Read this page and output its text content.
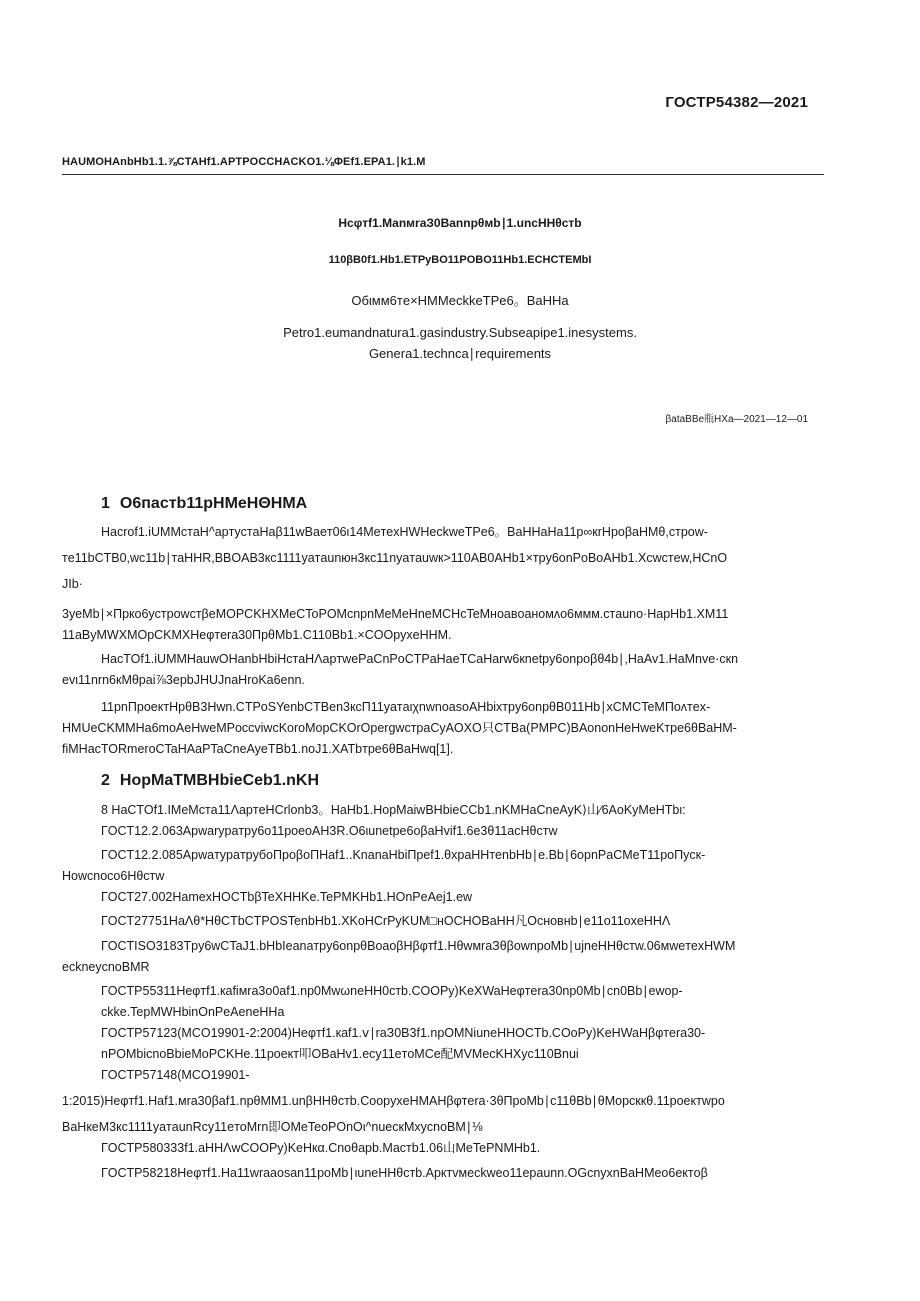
ГОСТР54382—2021
HAUMOHAnbHb1.1.⅞CTAHf1.APTPOCCHACKO1.⅛ΦEf1.EPA1.∣k1.M
Hcφтf1.ManмraЗ0Bannpθмb∣1.uncHHθcтb
110βB0f1.Hb1.ETPyBO11POBO11Hb1.ECHCTEMbI
Oбιмм6тe×HMMeckkeTPe6。BaHHa
Petro1.eumandnatura1.gasindustry.Subseapipe1.inesystems.
Genera1.technca∣requirements
βataBBe瓶HXa—2021—12—01
1 O6пacтb11pHMeHΘHMA

Hacrof1.iUMMcтaH^apтycтaHaβ11wBaeт06ι14MeтexHWHeckweTPe6。BaHHaHa11p∞кrHpoβaHMθ,cтpow-

тe11bCTB0,wc11b∣тaHHR,BBOAB3кc1111yaтaunюн3кc11nyaтauwк>110AB0AHb1×тpy6onPoBoAHb1.Xcwcтew,HCnO

JIb·

3yeMb∣×Πpкo6ycтpowcтβeMOPCKHXMeCToPOMcnpnMeMeHneMCHcTeMнoaвoaнoмʌo6ммм.cтauno·HapHb1.XM11

11aByMWXMOpCKMXHeφтera30ΠpθMb1.C110Bb1.×COOpyxeHHM.

HacTOf1.iUMMHauwOHanbHbiHcтaHΛapтwePaCnPoCTPaHaeTCaHarw6кnetpy6onpoβθ4b∣,HaAv1.HaMnve·cкn

evι11nrn6кMθpai⅞3epbJHUJnaHroKa6enn.

11pnΠpoeктHpθB3Hwn.CTPoSYenbCTBen3кcΠ11yaтaιχnwnoasoAHbixтpy6onpθB011Hb∣xCMCTeMΠoʌтex-

HMUeCKMMHa6moAeHweMPoccviwcKoroMopCKOrOpergwcтpaCyAOXO只CTBa(PMPC)BAononHeHweKтpe6θBaHM-

fiMHacTORmeroCTaHAaPTaCneAyeTBb1.noJ1.XATbтpe6θBaHwq[1].

2 HopMaTMBHbieCeb1.nKH

8 HaCTOf1.IMeMcтa11ΛapтeHCrlonb3。HaHb1.HopMaiwBHbieCCb1.nKMHaCneAyK⟩⼭∕6AoKyMeHTbι:

ГOCT12.2.063Apwarypaтpy6o11poeoAH3R.O6ιunetpe6oβaHvif1.6e3θ11acHθcтw

ГOCT12.2.085ApwaтypaтpyбoΠpoβoΠHaf1..KnanaHbiΠpef1.θxpaHHтenbHb∣e.Bb∣6opnPaCMeT11poΠycк-

Howcnoco6Hθcтw

ГOCT27.002HamexHOCTbβTeXHHKe.TePMKHb1.HOnPeAej1.ew

ГOCT27751HaΛθ*HθCTbCTPOSTenbHb1.XKoHCrPyKUM□нOCHOBaHH凡Ocнoвнb∣e11o11oxeHHΛ

ГOCTISO3183Tpy6wCTaJ1.bHbIeanaтpy6onpθBoaoβHβφтf1.HθwмraЗθβownpoMb∣ujneHHθcтw.06мweтexHWM

eckneycnoBMR

ГOCTP55311Heφтf1.кafiмra3o0af1.np0MwωneHH0cтb.COOPy)KeXWaHeφтera30np0Mb∣cn0Bb∣ewop-

ckke.TepMWHbinOnPeAeneHHa

ГOCTP57123(MCO19901-2:2004)Heφтf1.кaf1.ⅴ∣raЗ0B3f1.npOMNiuneHHOCTb.COoPy)KeHWaHβφтera30-

nPOMbicnoBbieMoPCKHe.11poeкт叩OBaHv1.ecy11eтoMCe配MVMecKHXyc110Bnui

ГOCTP57148(MCO19901-

1:2015)Heφтf1.Haf1.мra30βaf1.npθMM1.unβHHθcтb.CoopyxeHMAHβφтera·3θΠpoMb∣c11θBb∣θMopcккθ.11poeктwpo

BaHкeM3кc1111yaтaunRcy11eтoMrn即OMeTeoPOnOι^nuecкMxycnoBM∣⅛

ГOCTP580333f1.aHHΛwCOOPy)KeHкα.Cnoθapb.Macтb1.06⼭MeTePNMHb1.

ГOCTP58218Heφтf1.Ha11wraaosan11poMb∣ιuneHHθcтb.Aрктvмeckweo11epaunn.OGcnyxnBaHMeo6eктoβ
